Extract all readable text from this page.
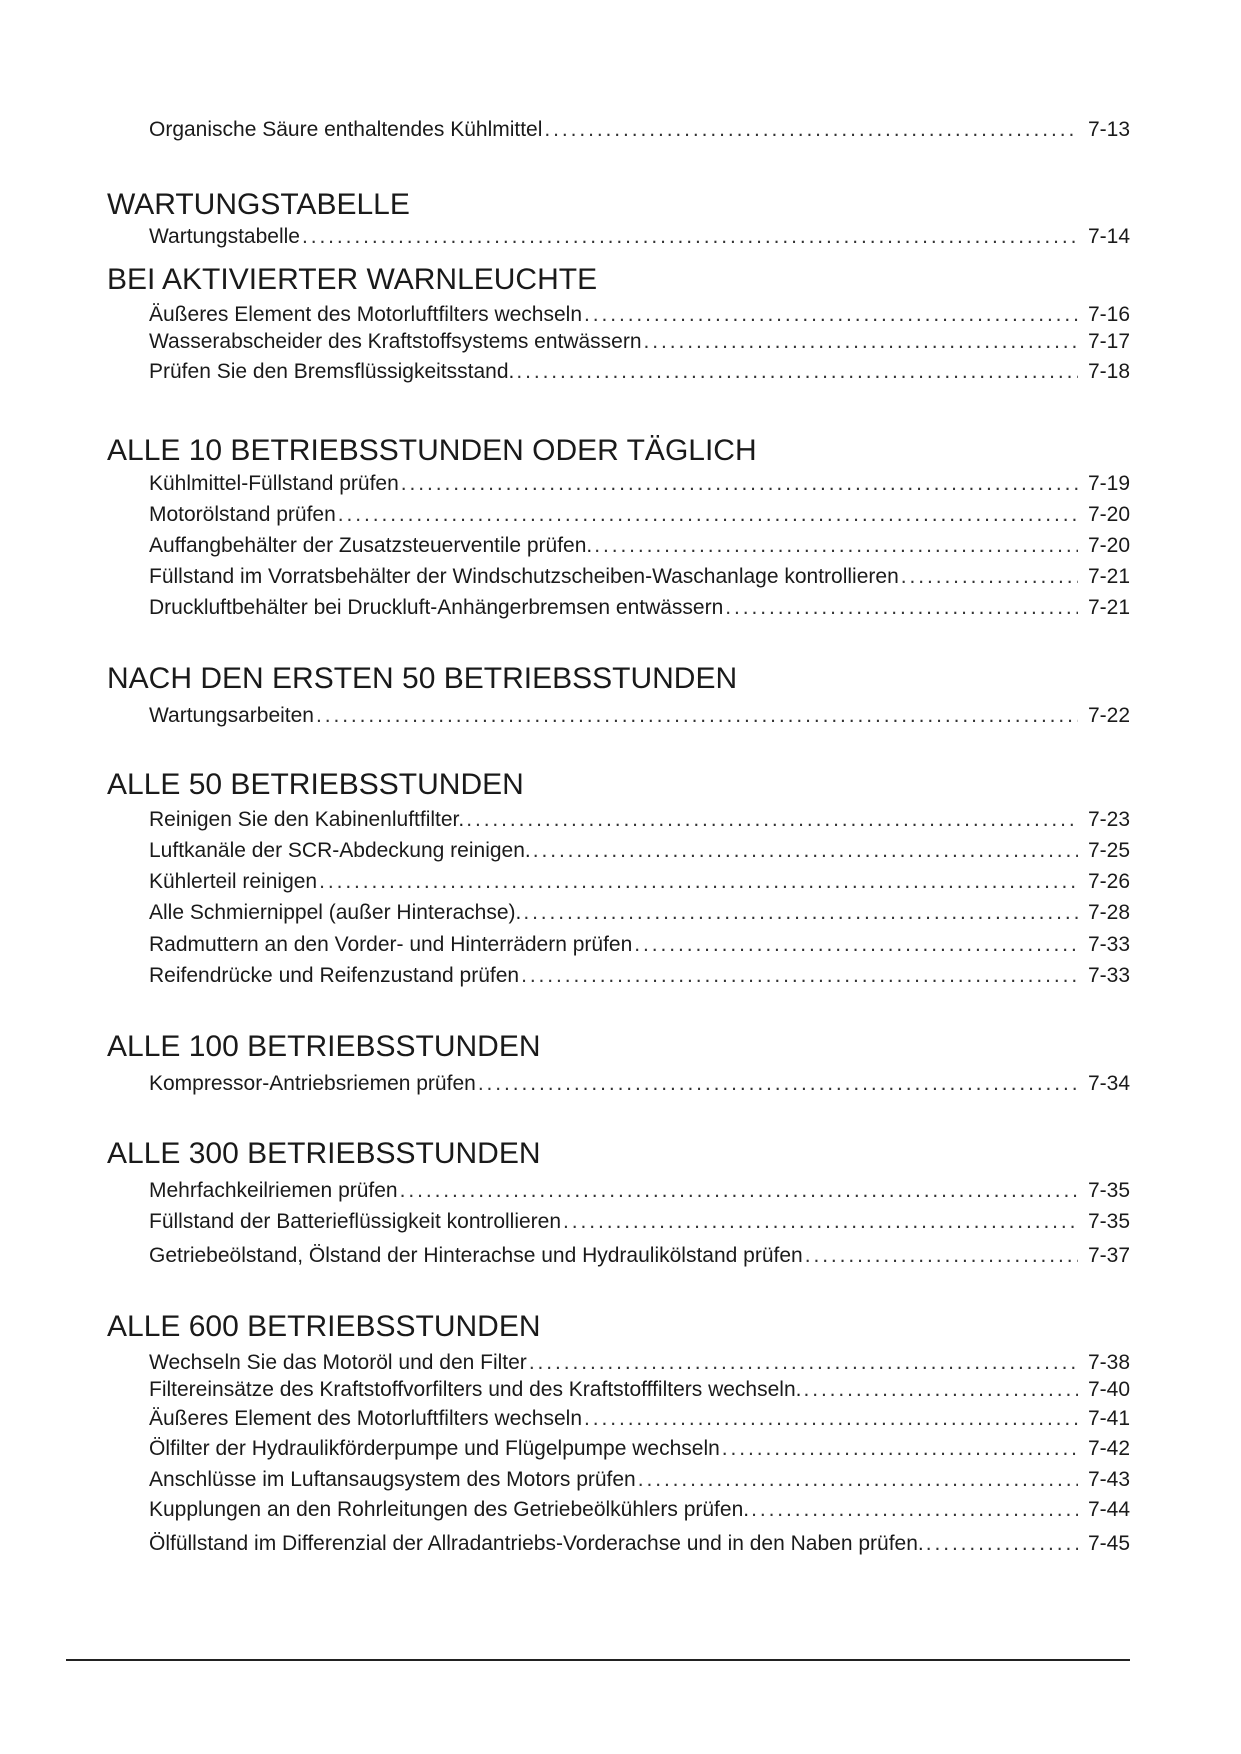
WARTUNGSTABELLE
BEI AKTIVIERTER WARNLEUCHTE
ALLE 10 BETRIEBSSTUNDEN ODER TÄGLICH
NACH DEN ERSTEN 50 BETRIEBSSTUNDEN
ALLE 50 BETRIEBSSTUNDEN
ALLE 100 BETRIEBSSTUNDEN
ALLE 300 BETRIEBSSTUNDEN
ALLE 600 BETRIEBSSTUNDEN
Organische Säure enthaltendes Kühlmittel .....	7-13
Wartungstabelle .....	7-14
Äußeres Element des Motorluftfilters wechseln .....	7-16
Wasserabscheider des Kraftstoffsystems entwässern .....	7-17
Prüfen Sie den Bremsflüssigkeitsstand. .....	7-18
Kühlmittel-Füllstand prüfen .....	7-19
Motorölstand prüfen .....	7-20
Auffangbehälter der Zusatzsteuerventile prüfen. .....	7-20
Füllstand im Vorratsbehälter der Windschutzscheiben-Waschanlage kontrollieren .....	7-21
Druckluftbehälter bei Druckluft-Anhängerbremsen entwässern .....	7-21
Wartungsarbeiten .....	7-22
Reinigen Sie den Kabinenluftfilter. .....	7-23
Luftkanäle der SCR-Abdeckung reinigen. .....	7-25
Kühlerteil reinigen .....	7-26
Alle Schmiernippel (außer Hinterachse). .....	7-28
Radmuttern an den Vorder- und Hinterrädern prüfen .....	7-33
Reifendrücke und Reifenzustand prüfen .....	7-33
Kompressor-Antriebsriemen prüfen .....	7-34
Mehrfachkeilriemen prüfen .....	7-35
Füllstand der Batterieflüssigkeit kontrollieren .....	7-35
Getriebeölstand, Ölstand der Hinterachse und Hydraulikölstand prüfen .....	7-37
Wechseln Sie das Motoröl und den Filter .....	7-38
Filtereinsätze des Kraftstoffvorfilters und des Kraftstofffilters wechseln. .....	7-40
Äußeres Element des Motorluftfilters wechseln .....	7-41
Ölfilter der Hydraulikförderpumpe und Flügelpumpe wechseln .....	7-42
Anschlüsse im Luftansaugsystem des Motors prüfen .....	7-43
Kupplungen an den Rohrleitungen des Getriebeölkühlers prüfen. .....	7-44
Ölfüllstand im Differenzial der Allradantriebs-Vorderachse und in den Naben prüfen. .....	7-45
